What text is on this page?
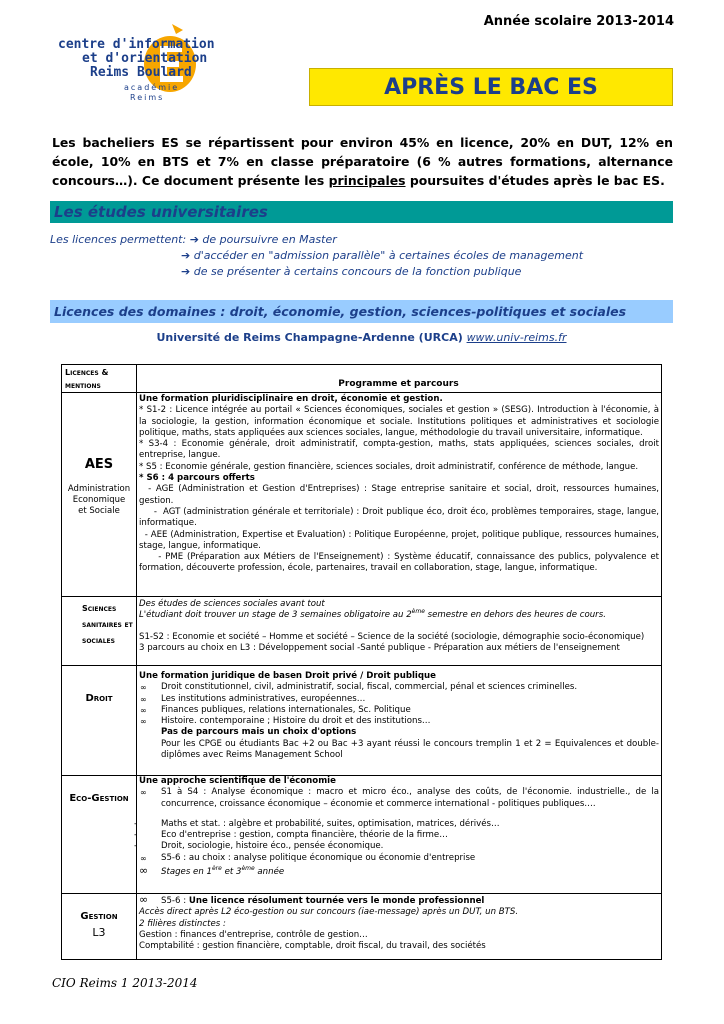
centre d'information
et d'orientation
Reims Boulard
académie
Reims
Année scolaire 2013-2014
APRÈS LE BAC ES
Les bacheliers ES se répartissent pour environ 45% en licence, 20% en DUT, 12% en école, 10% en BTS et 7% en classe préparatoire (6 % autres formations, alternance concours…). Ce document présente les principales poursuites d'études après le bac ES.
Les études universitaires
Les licences permettent: ➔ de poursuivre en Master
➔ d'accéder en "admission parallèle" à certaines écoles de management
➔ de se présenter à certains concours de la fonction publique
Licences des domaines : droit, économie, gestion, sciences-politiques et sociales
Université de Reims Champagne-Ardenne (URCA) www.univ-reims.fr
Licences &
mentions	Programme et parcours
AES
Administration
Economique
et Sociale
Une formation pluridisciplinaire en droit, économie et gestion.
* S1-2 : Licence intégrée au portail « Sciences économiques, sociales et gestion » (SESG). Introduction à l'économie, à la sociologie, la gestion, information économique et sociale. Institutions politiques et administratives et sociologie politique, maths, stats appliquées aux sciences sociales, langue, méthodologie du travail universitaire, informatique.
* S3-4 : Economie générale, droit administratif, compta-gestion, maths, stats appliquées, sciences sociales, droit entreprise, langue.
* S5 : Economie générale, gestion financière, sciences sociales, droit administratif, conférence de méthode, langue.
* S6 : 4 parcours offerts
- AGE (Administration et Gestion d'Entreprises) : Stage entreprise sanitaire et social, droit, ressources humaines, gestion.
-  AGT (administration générale et territoriale) : Droit publique éco, droit éco, problèmes temporaires, stage, langue, informatique.
- AEE (Administration, Expertise et Evaluation) : Politique Européenne, projet, politique publique, ressources humaines, stage, langue, informatique.
- PME (Préparation aux Métiers de l'Enseignement) : Système éducatif, connaissance des publics, polyvalence et formation, découverte profession, école, partenaires, travail en collaboration, stage, langue, informatique.
Sciences
sanitaires et
sociales
Des études de sciences sociales avant tout
L'étudiant doit trouver un stage de 3 semaines obligatoire au 2ème semestre en dehors des heures de cours.
S1-S2 : Economie et société – Homme et société – Science de la société (sociologie, démographie socio-économique)
3 parcours au choix en L3 : Développement social -Santé publique - Préparation aux métiers de l'enseignement
Droit
Une formation juridique de basen Droit privé / Droit publique
∞ Droit constitutionnel, civil, administratif, social, fiscal, commercial, pénal et sciences criminelles.
∞ Les institutions administratives, européennes…
∞ Finances publiques, relations internationales, Sc. Politique
∞ Histoire. contemporaine ; Histoire du droit et des institutions…
Pas de parcours mais un choix d'options
Pour les CPGE ou étudiants Bac +2 ou Bac +3 ayant réussi le concours tremplin 1 et 2 = Equivalences et double-diplômes avec Reims Management School
Eco-Gestion
Une approche scientifique de l'économie
∞ S1 à S4 : Analyse économique : macro et micro éco., analyse des coûts, de l'économie. industrielle., de la concurrence, croissance économique – économie et commerce international - politiques publiques….
- Maths et stat. : algèbre et probabilité, suites, optimisation, matrices, dérivés…
- Eco d'entreprise : gestion, compta financière, théorie de la firme…
- Droit, sociologie, histoire éco., pensée économique.
∞ S5-6 : au choix : analyse politique économique ou économie d'entreprise
∞ Stages en 1ère et 3ème année
Gestion
L3
∞ S5-6 : Une licence résolument tournée vers le monde professionnel
Accès direct après L2 éco-gestion ou sur concours (iae-message) après un DUT, un BTS.
2 filières distinctes :
Gestion : finances d'entreprise, contrôle de gestion…
Comptabilité : gestion financière, comptable, droit fiscal, du travail, des sociétés
CIO Reims 1 2013-2014
